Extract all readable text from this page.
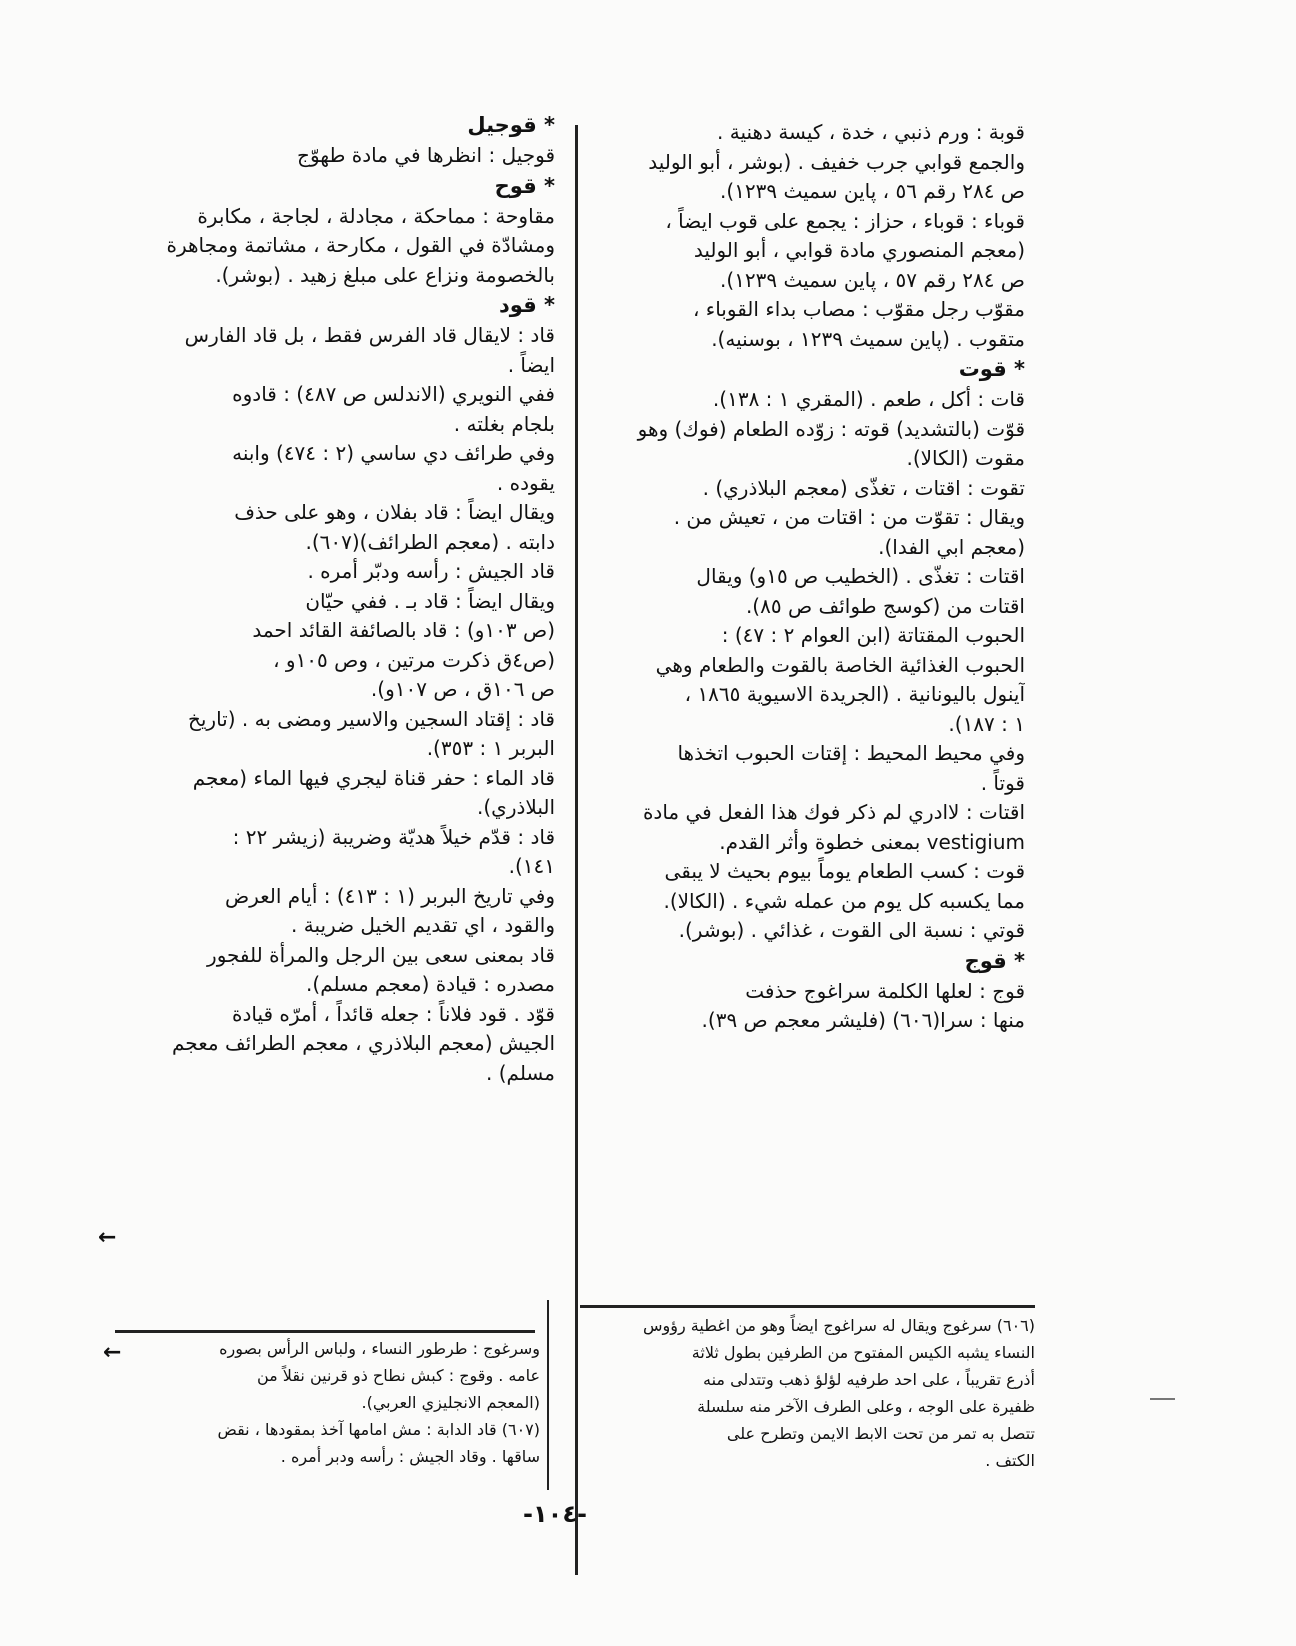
قوبة : ورم ذنبي ، خدة ، كيسة دهنية .
والجمع قوابي جرب خفيف . (بوشر ، أبو الوليد
ص ٢٨٤ رقم ٥٦ ، پاين سميث ١٢٣٩).
قوباء : قوباء ، حزاز : يجمع على قوب ايضاً ،
(معجم المنصوري مادة قوابي ، أبو الوليد
ص ٢٨٤ رقم ٥٧ ، پاين سميث ١٢٣٩).
مقوّب رجل مقوّب : مصاب بداء القوباء ،
متقوب . (پاين سميث ١٢٣٩ ، بوسنيه).
* قوت
قات : أكل ، طعم . (المقري ١ : ١٣٨).
قوّت (بالتشديد) قوته : زوّده الطعام (فوك) وهو
مقوت (الكالا).
تقوت : اقتات ، تغذّى (معجم البلاذري) .
ويقال : تقوّت من : اقتات من ، تعيش من .
(معجم ابي الفدا).
اقتات : تغذّى . (الخطيب ص ١٥و) ويقال
اقتات من (كوسج طوائف ص ٨٥).
الحبوب المقتاتة (ابن العوام ٢ : ٤٧) :
الحبوب الغذائية الخاصة بالقوت والطعام وهي
آينول باليونانية . (الجريدة الاسيوية ١٨٦٥ ،
١ : ١٨٧).
وفي محيط المحيط : إقتات الحبوب اتخذها
قوتاً .
اقتات : لاادري لم ذكر فوك هذا الفعل في مادة
vestigium بمعنى خطوة وأثر القدم.
قوت : كسب الطعام يوماً بيوم بحيث لا يبقى
مما يكسبه كل يوم من عمله شيء . (الكالا).
قوتي : نسبة الى القوت ، غذائي . (بوشر).
* قوج
قوج : لعلها الكلمة سراغوج حذفت
منها : سرا(٦٠٦) (فليشر معجم ص ٣٩).
* قوجيل
قوجيل : انظرها في مادة طهوّج
* قوح
مقاوحة : مماحكة ، مجادلة ، لجاجة ، مكابرة
ومشادّة في القول ، مكارحة ، مشاتمة ومجاهرة
بالخصومة ونزاع على مبلغ زهيد . (بوشر).
* قود
قاد : لايقال قاد الفرس فقط ، بل قاد الفارس
ايضاً .
ففي النويري (الاندلس ص ٤٨٧) : قادوه
بلجام بغلته .
وفي طرائف دي ساسي (٢ : ٤٧٤) وابنه
يقوده .
ويقال ايضاً : قاد بفلان ، وهو على حذف
دابته . (معجم الطرائف)(٦٠٧).
قاد الجيش : رأسه ودبّر أمره .
ويقال ايضاً : قاد بـ . ففي حيّان
(ص ١٠٣و) : قاد بالصائفة القائد احمد
(ص٤ق ذكرت مرتين ، وص ١٠٥و ،
ص ١٠٦ق ، ص ١٠٧و).
قاد : إقتاد السجين والاسير ومضى به . (تاريخ
البربر ١ : ٣٥٣).
قاد الماء : حفر قناة ليجري فيها الماء (معجم
البلاذري).
قاد : قدّم خيلاً هديّة وضريبة (زيشر ٢٢ :
١٤١).
وفي تاريخ البربر (١ : ٤١٣) : أيام العرض
والقود ، اي تقديم الخيل ضريبة .
قاد بمعنى سعى بين الرجل والمرأة للفجور
مصدره : قيادة (معجم مسلم).
قوّد . قود فلاناً : جعله قائداً ، أمرّه قيادة
الجيش (معجم البلاذري ، معجم الطرائف معجم
مسلم) .
(٦٠٦) سرغوج ويقال له سراغوج ايضاً وهو من اغطية رؤوس
النساء يشبه الكيس المفتوح من الطرفين بطول ثلاثة
أذرع تقريباً ، على احد طرفيه لؤلؤ ذهب وتتدلى منه
ظفيرة على الوجه ، وعلى الطرف الآخر منه سلسلة
تتصل به تمر من تحت الابط الايمن وتطرح على
الكتف .
وسرغوج : طرطور النساء ، ولباس الرأس بصوره
عامه . وقوج : كبش نطاح ذو قرنين نقلاً من
(المعجم الانجليزي العربي).
(٦٠٧) قاد الدابة : مش امامها آخذ بمقودها ، نقض
ساقها . وقاد الجيش : رأسه ودبر أمره .
←
←
-١٠٤-
